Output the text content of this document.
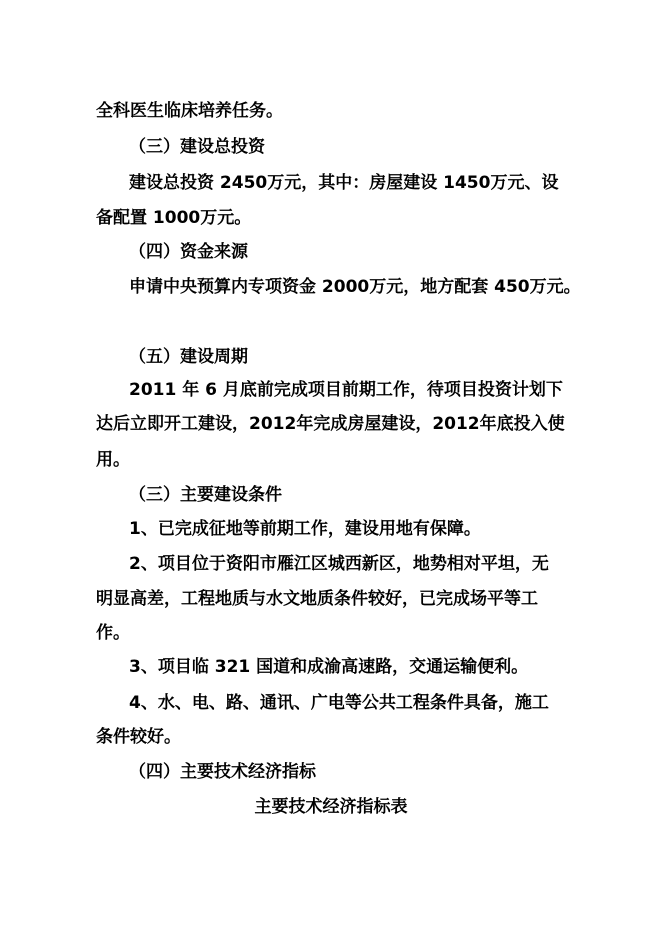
全科医生临床培养任务。
（三）建设总投资
建设总投资 2450万元，其中：房屋建设 1450万元、设
备配置 1000万元。
（四）资金来源
申请中央预算内专项资金 2000万元，地方配套 450万元。
（五）建设周期
2011 年 6 月底前完成项目前期工作，待项目投资计划下
达后立即开工建设，2012年完成房屋建设，2012年底投入使
用。
（三）主要建设条件
1、已完成征地等前期工作，建设用地有保障。
2、项目位于资阳市雁江区城西新区，地势相对平坦，无
明显高差，工程地质与水文地质条件较好，已完成场平等工
作。
3、项目临 321 国道和成渝高速路，交通运输便利。
4、水、电、路、通讯、广电等公共工程条件具备，施工
条件较好。
（四）主要技术经济指标
主要技术经济指标表
